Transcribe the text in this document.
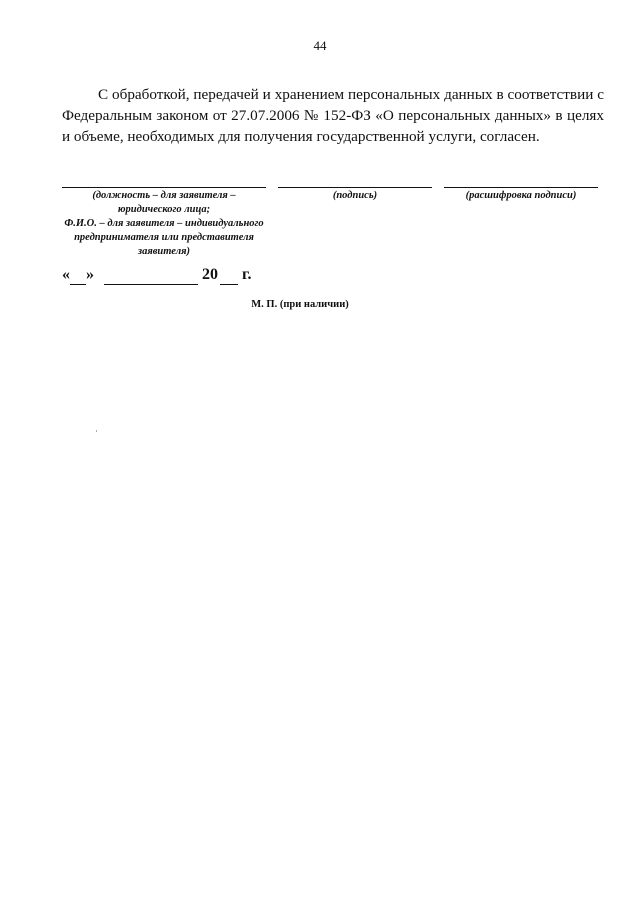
44

С обработкой, передачей и хранением персональных данных в соответствии с Федеральным законом от 27.07.2006 № 152-ФЗ «О персональных данных» в целях и объеме, необходимых для получения государственной услуги, согласен.

(должность – для заявителя –
юридического лица;
Ф.И.О. – для заявителя – индивидуального
предпринимателя или представителя
заявителя)
(подпись)	(расшифровка подписи)
« »	20 г.
М. П. (при наличии)
